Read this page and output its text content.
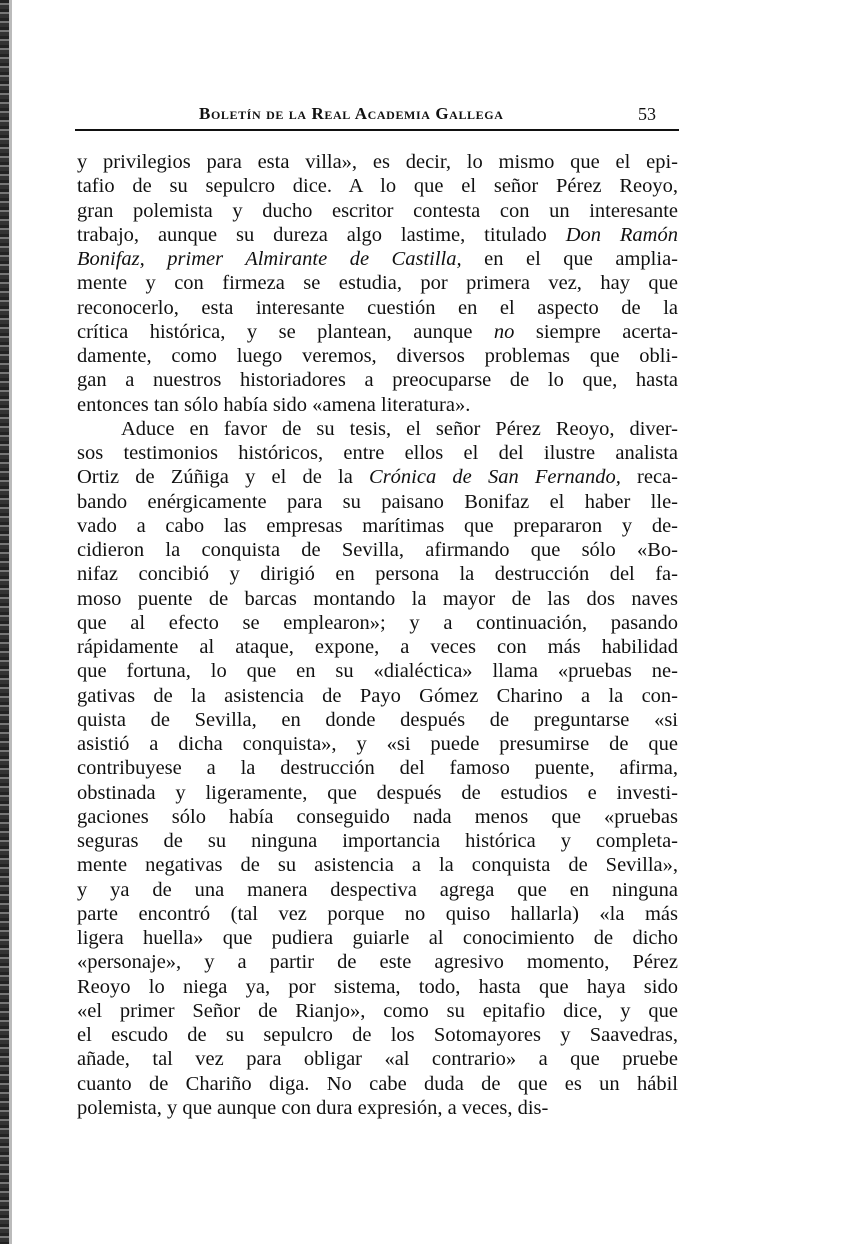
Boletín de la Real Academia Gallega	53
y privilegios para esta villa», es decir, lo mismo que el epi-
tafio de su sepulcro dice. A lo que el señor Pérez Reoyo,
gran polemista y ducho escritor contesta con un interesante
trabajo, aunque su dureza algo lastime, titulado Don Ramón
Bonifaz, primer Almirante de Castilla, en el que amplia-
mente y con firmeza se estudia, por primera vez, hay que
reconocerlo, esta interesante cuestión en el aspecto de la
crítica histórica, y se plantean, aunque no siempre acerta-
damente, como luego veremos, diversos problemas que obli-
gan a nuestros historiadores a preocuparse de lo que, hasta
entonces tan sólo había sido «amena literatura».
Aduce en favor de su tesis, el señor Pérez Reoyo, diver-
sos testimonios históricos, entre ellos el del ilustre analista
Ortiz de Zúñiga y el de la Crónica de San Fernando, reca-
bando enérgicamente para su paisano Bonifaz el haber lle-
vado a cabo las empresas marítimas que prepararon y de-
cidieron la conquista de Sevilla, afirmando que sólo «Bo-
nifaz concibió y dirigió en persona la destrucción del fa-
moso puente de barcas montando la mayor de las dos naves
que al efecto se emplearon»; y a continuación, pasando
rápidamente al ataque, expone, a veces con más habilidad
que fortuna, lo que en su «dialéctica» llama «pruebas ne-
gativas de la asistencia de Payo Gómez Charino a la con-
quista de Sevilla, en donde después de preguntarse «si
asistió a dicha conquista», y «si puede presumirse de que
contribuyese a la destrucción del famoso puente, afirma,
obstinada y ligeramente, que después de estudios e investi-
gaciones sólo había conseguido nada menos que «pruebas
seguras de su ninguna importancia histórica y completa-
mente negativas de su asistencia a la conquista de Sevilla»,
y ya de una manera despectiva agrega que en ninguna
parte encontró (tal vez porque no quiso hallarla) «la más
ligera huella» que pudiera guiarle al conocimiento de dicho
«personaje», y a partir de este agresivo momento, Pérez
Reoyo lo niega ya, por sistema, todo, hasta que haya sido
«el primer Señor de Rianjo», como su epitafio dice, y que
el escudo de su sepulcro de los Sotomayores y Saavedras,
añade, tal vez para obligar «al contrario» a que pruebe
cuanto de Chariño diga. No cabe duda de que es un hábil
polemista, y que aunque con dura expresión, a veces, dis-
